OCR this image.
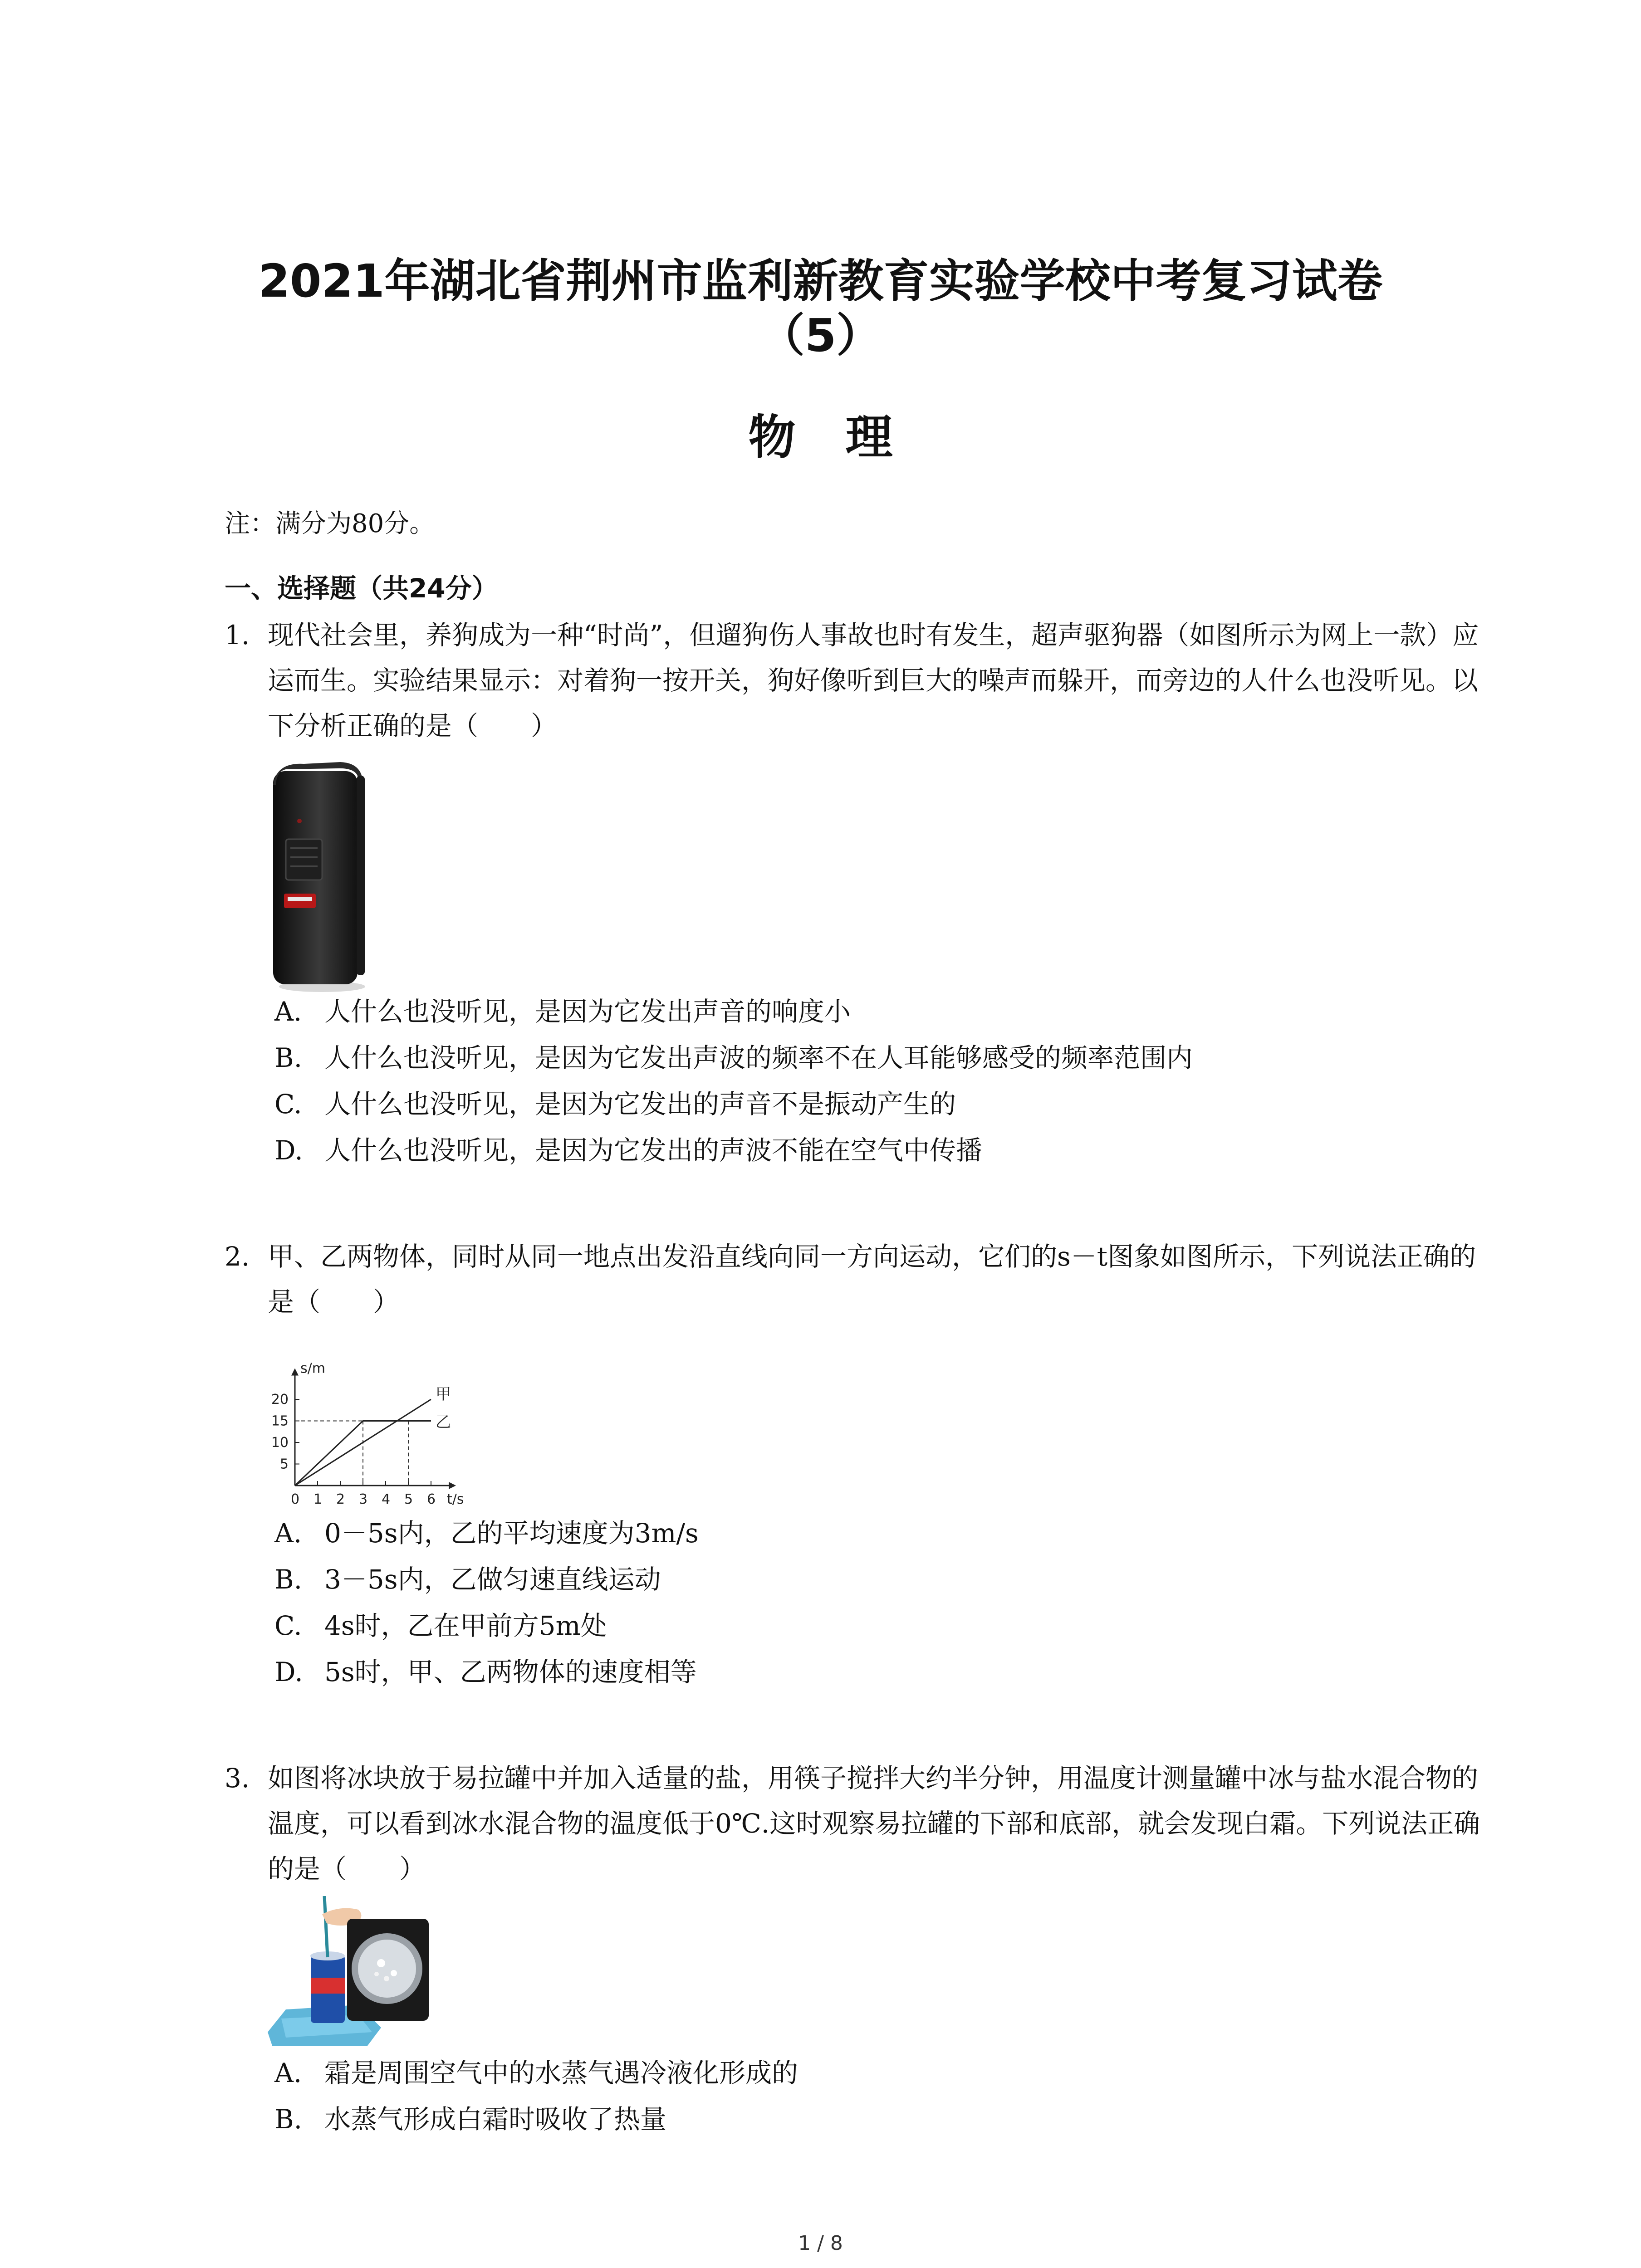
2021年湖北省荆州市监利新教育实验学校中考复习试卷
（5）
物理
注：满分为80分。
一、选择题（共24分）
1. 现代社会里，养狗成为一种“时尚”，但遛狗伤人事故也时有发生，超声驱狗器（如图所示为网上一款）应运而生。实验结果显示：对着狗一按开关，狗好像听到巨大的噪声而躲开，而旁边的人什么也没听见。以下分析正确的是（　　）
A. 人什么也没听见，是因为它发出声音的响度小
B. 人什么也没听见，是因为它发出声波的频率不在人耳能够感受的频率范围内
C. 人什么也没听见，是因为它发出的声音不是振动产生的
D. 人什么也没听见，是因为它发出的声波不能在空气中传播
2. 甲、乙两物体，同时从同一地点出发沿直线向同一方向运动，它们的s－t图象如图所示，下列说法正确的是（　　）
s/m
t/s
0 1 2 3 4 5 6
5
10
15
20	甲
乙
A. 0－5s内，乙的平均速度为3m/s
B. 3－5s内，乙做匀速直线运动
C. 4s时，乙在甲前方5m处
D. 5s时，甲、乙两物体的速度相等
3. 如图将冰块放于易拉罐中并加入适量的盐，用筷子搅拌大约半分钟，用温度计测量罐中冰与盐水混合物的温度，可以看到冰水混合物的温度低于0℃.这时观察易拉罐的下部和底部，就会发现白霜。下列说法正确的是（　　）
A. 霜是周围空气中的水蒸气遇冷液化形成的
B. 水蒸气形成白霜时吸收了热量
1 / 8
